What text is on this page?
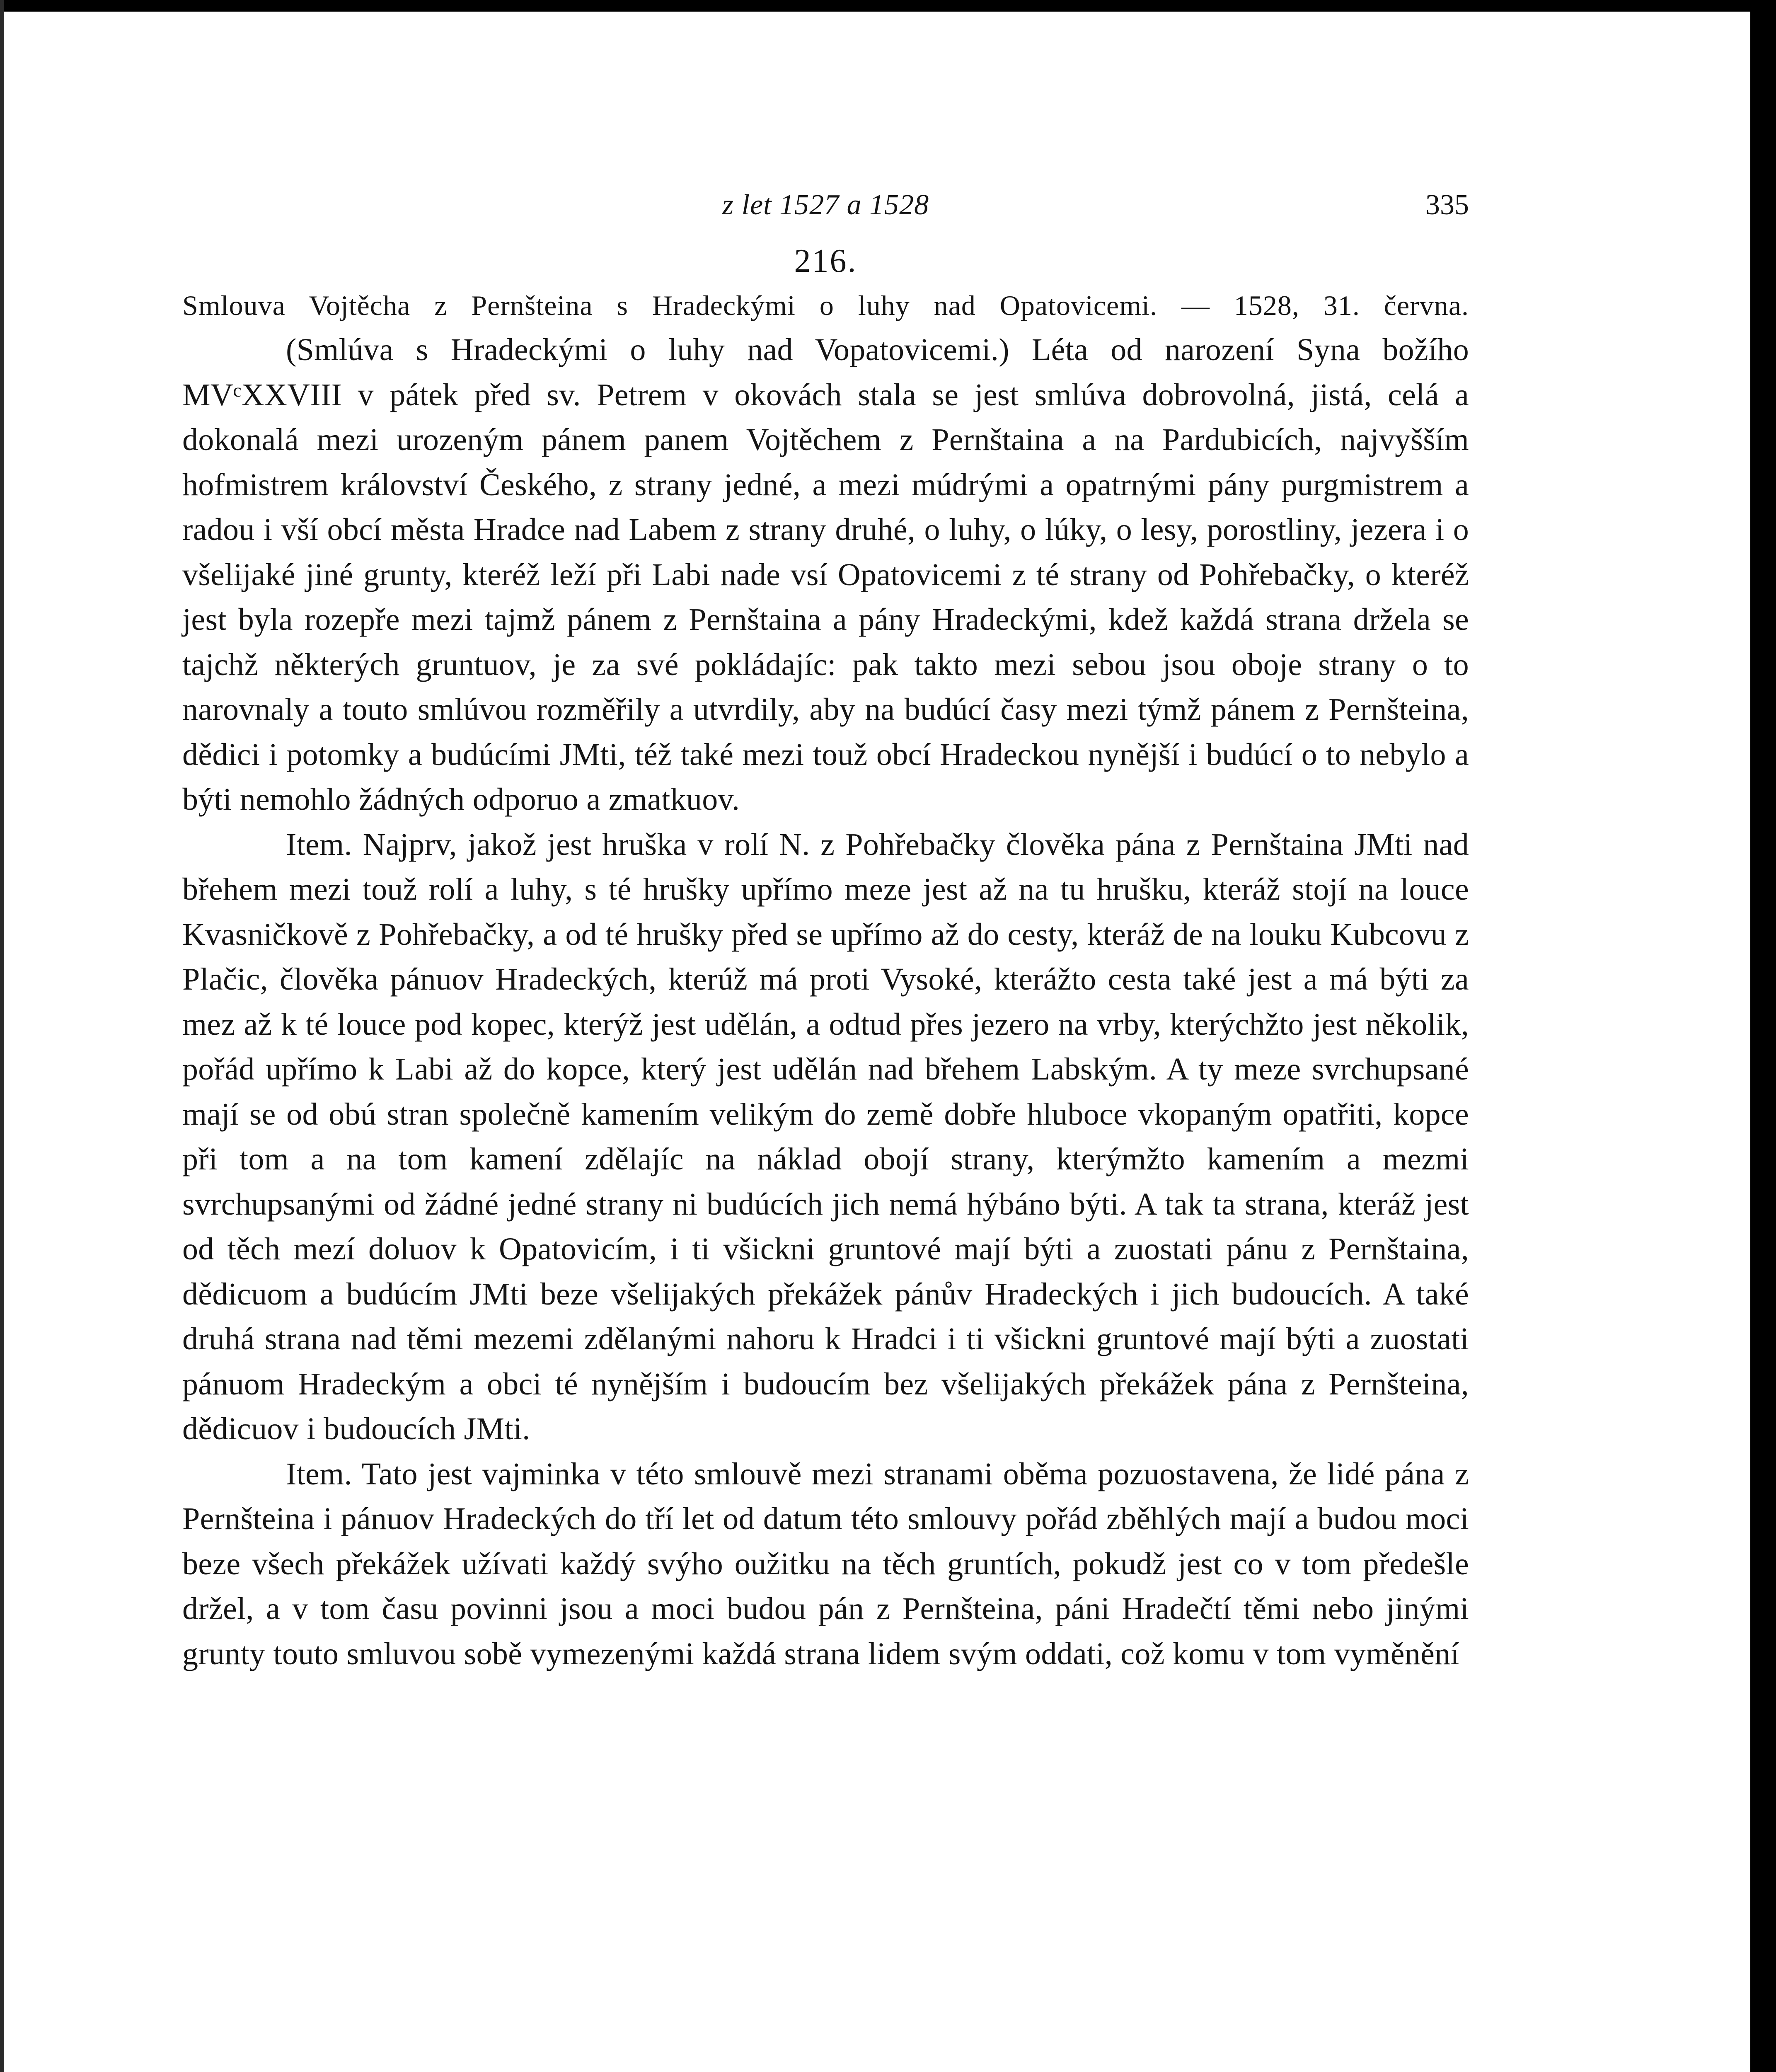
z let 1527 a 1528	335
216.
Smlouva Vojtěcha z Pernšteina s Hradeckými o luhy nad Opatovicemi. — 1528, 31. června.

(Smlúva s Hradeckými o luhy nad Vopatovicemi.) Léta od narození Syna božího MVᶜXXVIII v pátek před sv. Petrem v okovách stala se jest smlúva dobrovolná, jistá, celá a dokonalá mezi urozeným pánem panem Vojtěchem z Pernštaina a na Pardubicích, najvyšším hofmistrem království Českého, z strany jedné, a mezi múdrými a opatrnými pány purgmistrem a radou i vší obcí města Hradce nad Labem z strany druhé, o luhy, o lúky, o lesy, porostliny, jezera i o všelijaké jiné grunty, kteréž leží při Labi nade vsí Opatovicemi z té strany od Pohřebačky, o kteréž jest byla rozepře mezi tajmž pánem z Pernštaina a pány Hradeckými, kdež každá strana držela se tajchž některých gruntuov, je za své pokládajíc: pak takto mezi sebou jsou oboje strany o to narovnaly a touto smlúvou rozměřily a utvrdily, aby na budúcí časy mezi týmž pánem z Pernšteina, dědici i potomky a budúcími JMti, též také mezi touž obcí Hradeckou nynější i budúcí o to nebylo a býti nemohlo žádných odporuo a zmatkuov.

Item. Najprv, jakož jest hruška v rolí N. z Pohřebačky člověka pána z Pernštaina JMti nad břehem mezi touž rolí a luhy, s té hrušky upřímo meze jest až na tu hrušku, kteráž stojí na louce Kvasničkově z Pohřebačky, a od té hrušky před se upřímo až do cesty, kteráž de na louku Kubcovu z Plačic, člověka pánuov Hradeckých, kterúž má proti Vysoké, kterážto cesta také jest a má býti za mez až k té louce pod kopec, kterýž jest udělán, a odtud přes jezero na vrby, kterýchžto jest několik, pořád upřímo k Labi až do kopce, který jest udělán nad břehem Labským. A ty meze svrchupsané mají se od obú stran společně kamením velikým do země dobře hluboce vkopaným opatřiti, kopce při tom a na tom kamení zdělajíc na náklad obojí strany, kterýmžto kamením a mezmi svrchupsanými od žádné jedné strany ni budúcích jich nemá hýbáno býti. A tak ta strana, kteráž jest od těch mezí doluov k Opatovicím, i ti všickni gruntové mají býti a zuostati pánu z Pernštaina, dědicuom a budúcím JMti beze všelijakých překážek pánův Hradeckých i jich budoucích. A také druhá strana nad těmi mezemi zdělanými nahoru k Hradci i ti všickni gruntové mají býti a zuostati pánuom Hradeckým a obci té nynějším i budoucím bez všelijakých překážek pána z Pernšteina, dědicuov i budoucích JMti.

Item. Tato jest vajminka v této smlouvě mezi stranami oběma pozuostavena, že lidé pána z Pernšteina i pánuov Hradeckých do tří let od datum této smlouvy pořád zběhlých mají a budou moci beze všech překážek užívati každý svýho oužitku na těch gruntích, pokudž jest co v tom předešle držel, a v tom času povinni jsou a moci budou pán z Pernšteina, páni Hradečtí těmi nebo jinými grunty touto smluvou sobě vymezenými každá strana lidem svým oddati, což komu v tom vyměnění
